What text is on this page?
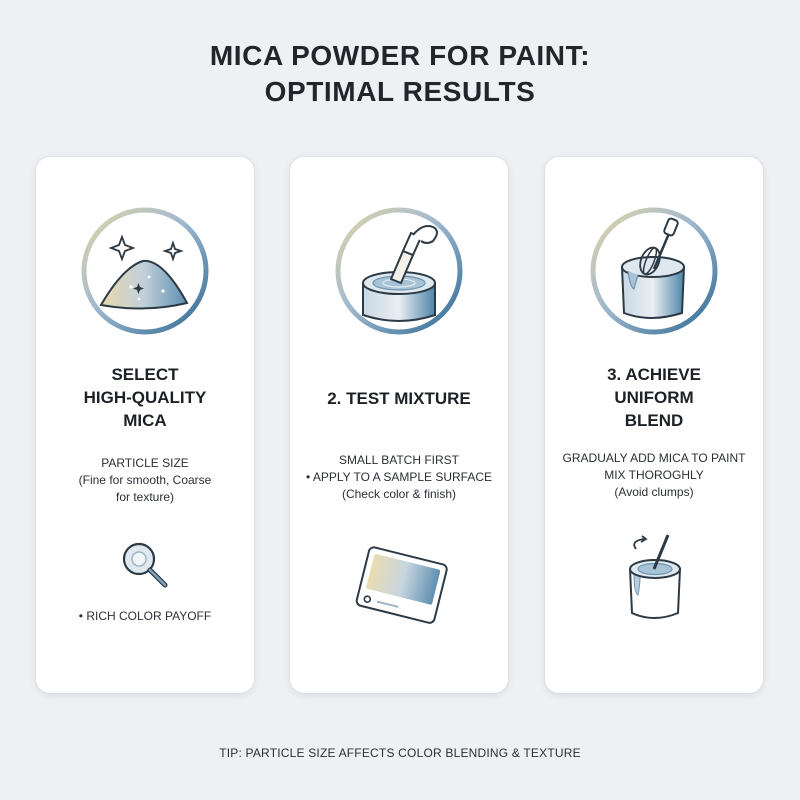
MICA POWDER FOR PAINT:
OPTIMAL RESULTS
SELECT
HIGH-QUALITY
MICA
PARTICLE SIZE
(Fine for smooth, Coarse
for texture)
• RICH COLOR PAYOFF
2. TEST MIXTURE
SMALL BATCH FIRST
• APPLY TO A SAMPLE SURFACE
(Check color & finish)
3. ACHIEVE
UNIFORM
BLEND
GRADUALY ADD MICA TO PAINT
MIX THOROGHLY
(Avoid clumps)
TIP: PARTICLE SIZE AFFECTS COLOR BLENDING & TEXTURE
